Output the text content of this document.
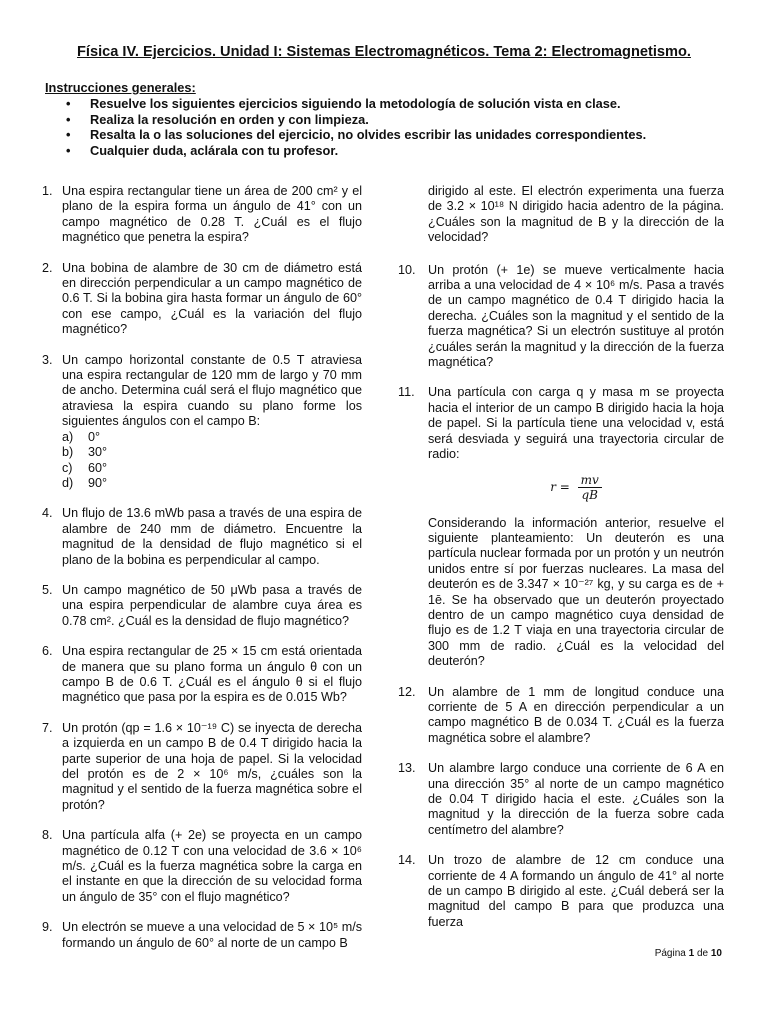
Física IV. Ejercicios. Unidad I: Sistemas Electromagnéticos. Tema 2: Electromagnetismo.
Instrucciones generales:
• Resuelve los siguientes ejercicios siguiendo la metodología de solución vista en clase.
• Realiza la resolución en orden y con limpieza.
• Resalta la o las soluciones del ejercicio, no olvides escribir las unidades correspondientes.
• Cualquier duda, aclárala con tu profesor.
1. Una espira rectangular tiene un área de 200 cm² y el plano de la espira forma un ángulo de 41° con un campo magnético de 0.28 T. ¿Cuál es el flujo magnético que penetra la espira?
2. Una bobina de alambre de 30 cm de diámetro está en dirección perpendicular a un campo magnético de 0.6 T. Si la bobina gira hasta formar un ángulo de 60° con ese campo, ¿Cuál es la variación del flujo magnético?
3. Un campo horizontal constante de 0.5 T atraviesa una espira rectangular de 120 mm de largo y 70 mm de ancho. Determina cuál será el flujo magnético que atraviesa la espira cuando su plano forme los siguientes ángulos con el campo B:
a)	0°
b)	30°
c)	60°
d)	90°
4. Un flujo de 13.6 mWb pasa a través de una espira de alambre de 240 mm de diámetro. Encuentre la magnitud de la densidad de flujo magnético si el plano de la bobina es perpendicular al campo.
5. Un campo magnético de 50 μWb pasa a través de una espira perpendicular de alambre cuya área es 0.78 cm². ¿Cuál es la densidad de flujo magnético?
6. Una espira rectangular de 25 × 15 cm está orientada de manera que su plano forma un ángulo θ con un campo B de 0.6 T. ¿Cuál es el ángulo θ si el flujo magnético que pasa por la espira es de 0.015 Wb?
7. Un protón (qp = 1.6 × 10⁻¹⁹ C) se inyecta de derecha a izquierda en un campo B de 0.4 T dirigido hacia la parte superior de una hoja de papel. Si la velocidad del protón es de 2 × 10⁶ m/s, ¿cuáles son la magnitud y el sentido de la fuerza magnética sobre el protón?
8. Una partícula alfa (+ 2e) se proyecta en un campo magnético de 0.12 T con una velocidad de 3.6 × 10⁶ m/s. ¿Cuál es la fuerza magnética sobre la carga en el instante en que la dirección de su velocidad forma un ángulo de 35° con el flujo magnético?
9. Un electrón se mueve a una velocidad de 5 × 10⁵ m/s formando un ángulo de 60° al norte de un campo B
dirigido al este. El electrón experimenta una fuerza de 3.2 × 10¹⁸ N dirigido hacia adentro de la página. ¿Cuáles son la magnitud de B y la dirección de la velocidad?
10. Un protón (+ 1e) se mueve verticalmente hacia arriba a una velocidad de 4 × 10⁶ m/s. Pasa a través de un campo magnético de 0.4 T dirigido hacia la derecha. ¿Cuáles son la magnitud y el sentido de la fuerza magnética? Si un electrón sustituye al protón ¿cuáles serán la magnitud y la dirección de la fuerza magnética?
11. Una partícula con carga q y masa m se proyecta hacia el interior de un campo B dirigido hacia la hoja de papel. Si la partícula tiene una velocidad v, está será desviada y seguirá una trayectoria circular de radio:
$r = \frac{mv}{qB}$
Considerando la información anterior, resuelve el siguiente planteamiento: Un deuterón es una partícula nuclear formada por un protón y un neutrón unidos entre sí por fuerzas nucleares. La masa del deuterón es de 3.347 × 10⁻²⁷ kg, y su carga es de + 1ē. Se ha observado que un deuterón proyectado dentro de un campo magnético cuya densidad de flujo es de 1.2 T viaja en una trayectoria circular de 300 mm de radio. ¿Cuál es la velocidad del deuterón?
12. Un alambre de 1 mm de longitud conduce una corriente de 5 A en dirección perpendicular a un campo magnético B de 0.034 T. ¿Cuál es la fuerza magnética sobre el alambre?
13. Un alambre largo conduce una corriente de 6 A en una dirección 35° al norte de un campo magnético de 0.04 T dirigido hacia el este. ¿Cuáles son la magnitud y la dirección de la fuerza sobre cada centímetro del alambre?
14. Un trozo de alambre de 12 cm conduce una corriente de 4 A formando un ángulo de 41° al norte de un campo B dirigido al este. ¿Cuál deberá ser la magnitud del campo B para que produzca una fuerza
Página 1 de 10
